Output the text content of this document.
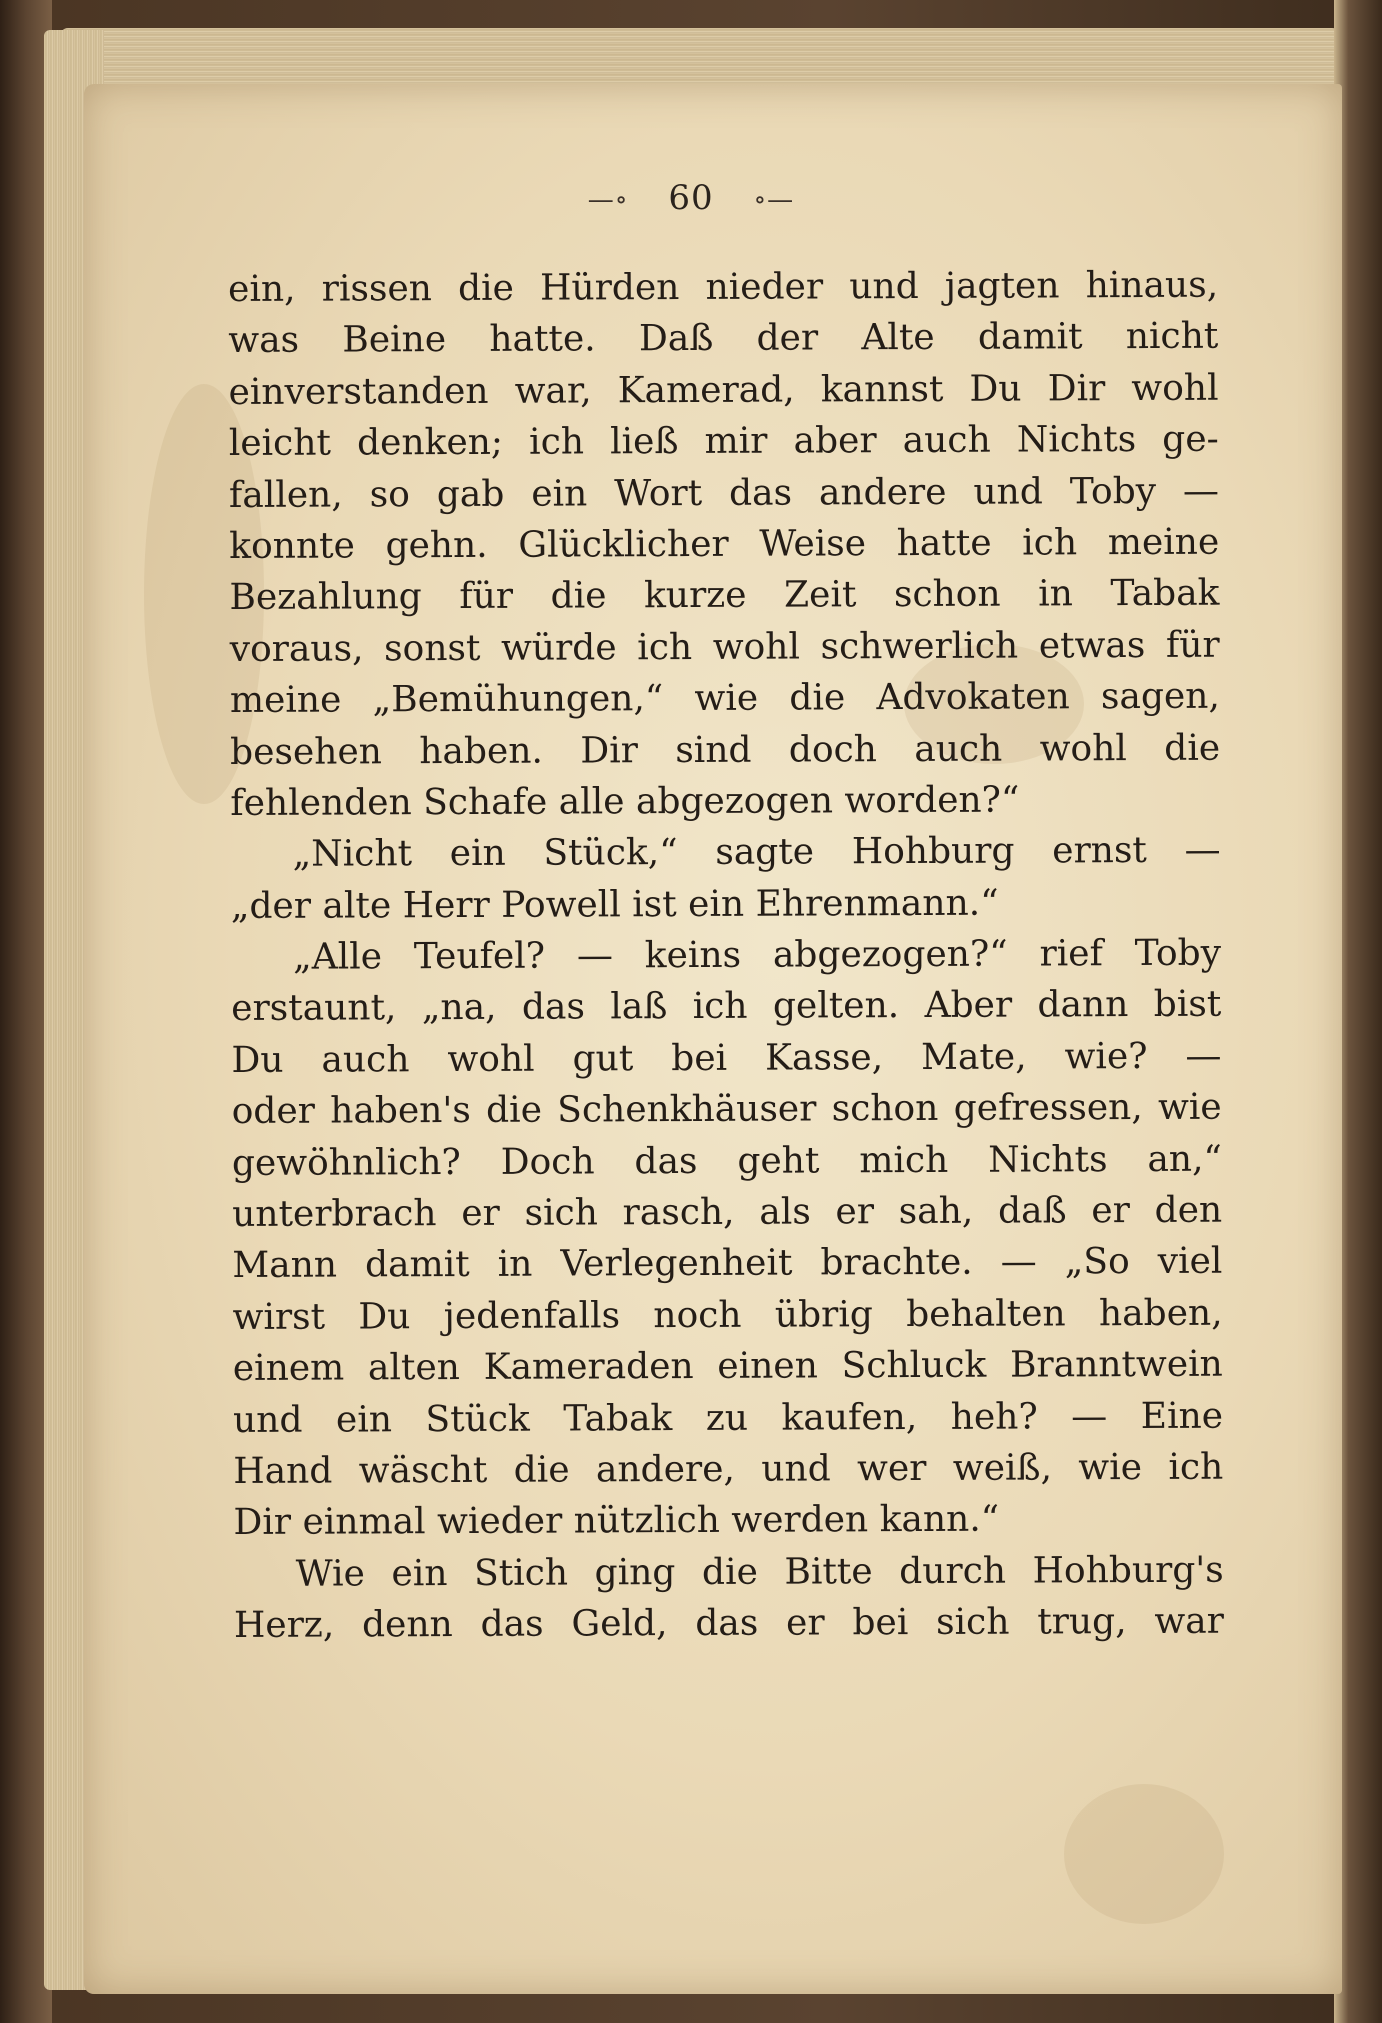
—∘ 60 ∘—
ein, rissen die Hürden nieder und jagten hinaus,
was Beine hatte. Daß der Alte damit nicht
einverstanden war, Kamerad, kannst Du Dir wohl
leicht denken; ich ließ mir aber auch Nichts ge-
fallen, so gab ein Wort das andere und Toby —
konnte gehn. Glücklicher Weise hatte ich meine
Bezahlung für die kurze Zeit schon in Tabak
voraus, sonst würde ich wohl schwerlich etwas für
meine „Bemühungen,“ wie die Advokaten sagen,
besehen haben. Dir sind doch auch wohl die
fehlenden Schafe alle abgezogen worden?“
„Nicht ein Stück,“ sagte Hohburg ernst —
„der alte Herr Powell ist ein Ehrenmann.“
„Alle Teufel? — keins abgezogen?“ rief Toby
erstaunt, „na, das laß ich gelten. Aber dann bist
Du auch wohl gut bei Kasse, Mate, wie? —
oder haben's die Schenkhäuser schon gefressen, wie
gewöhnlich? Doch das geht mich Nichts an,“
unterbrach er sich rasch, als er sah, daß er den
Mann damit in Verlegenheit brachte. — „So viel
wirst Du jedenfalls noch übrig behalten haben,
einem alten Kameraden einen Schluck Branntwein
und ein Stück Tabak zu kaufen, heh? — Eine
Hand wäscht die andere, und wer weiß, wie ich
Dir einmal wieder nützlich werden kann.“
Wie ein Stich ging die Bitte durch Hohburg's
Herz, denn das Geld, das er bei sich trug, war
